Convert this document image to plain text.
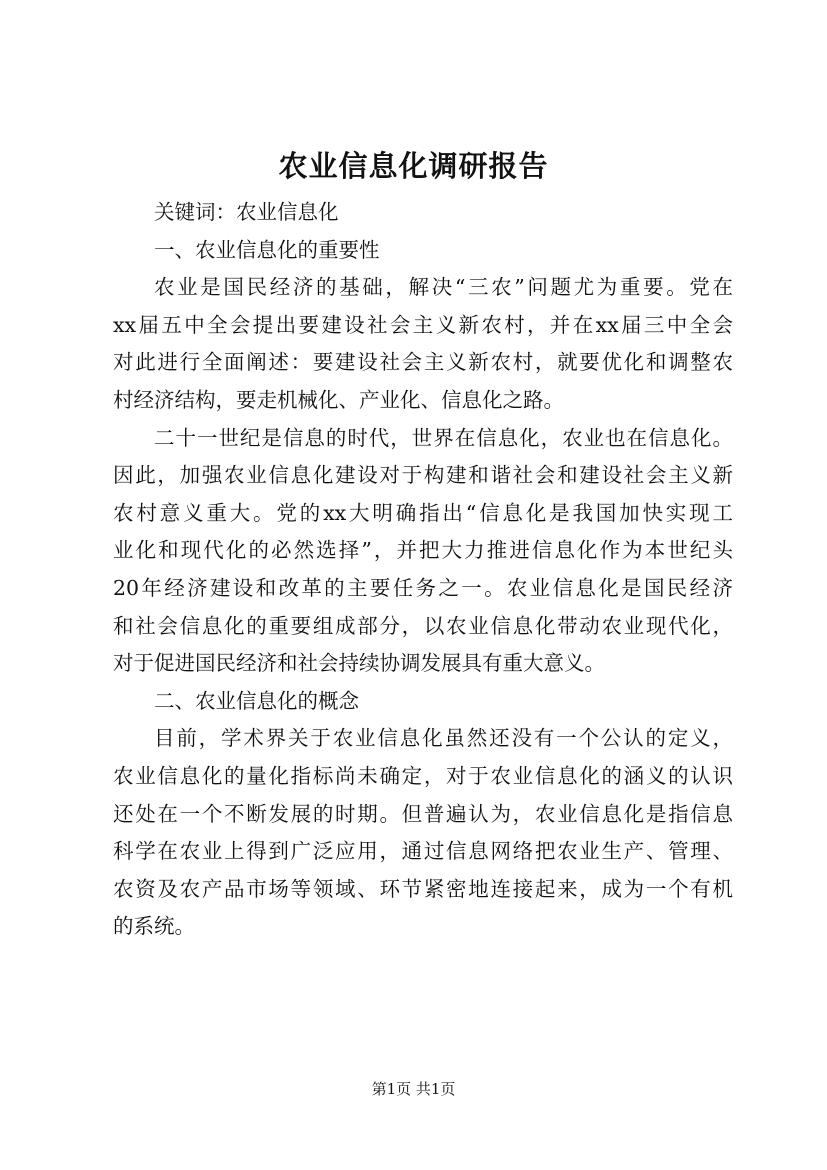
农业信息化调研报告
关键词：农业信息化
一、农业信息化的重要性
农业是国民经济的基础，解决“三农”问题尤为重要。党在
xx届五中全会提出要建设社会主义新农村，并在xx届三中全会
对此进行全面阐述：要建设社会主义新农村，就要优化和调整农
村经济结构，要走机械化、产业化、信息化之路。
二十一世纪是信息的时代，世界在信息化，农业也在信息化。
因此，加强农业信息化建设对于构建和谐社会和建设社会主义新
农村意义重大。党的xx大明确指出“信息化是我国加快实现工
业化和现代化的必然选择”，并把大力推进信息化作为本世纪头
20年经济建设和改革的主要任务之一。农业信息化是国民经济
和社会信息化的重要组成部分，以农业信息化带动农业现代化，
对于促进国民经济和社会持续协调发展具有重大意义。
二、农业信息化的概念
目前，学术界关于农业信息化虽然还没有一个公认的定义，
农业信息化的量化指标尚未确定，对于农业信息化的涵义的认识
还处在一个不断发展的时期。但普遍认为，农业信息化是指信息
科学在农业上得到广泛应用，通过信息网络把农业生产、管理、
农资及农产品市场等领域、环节紧密地连接起来，成为一个有机
的系统。
第1页 共1页
